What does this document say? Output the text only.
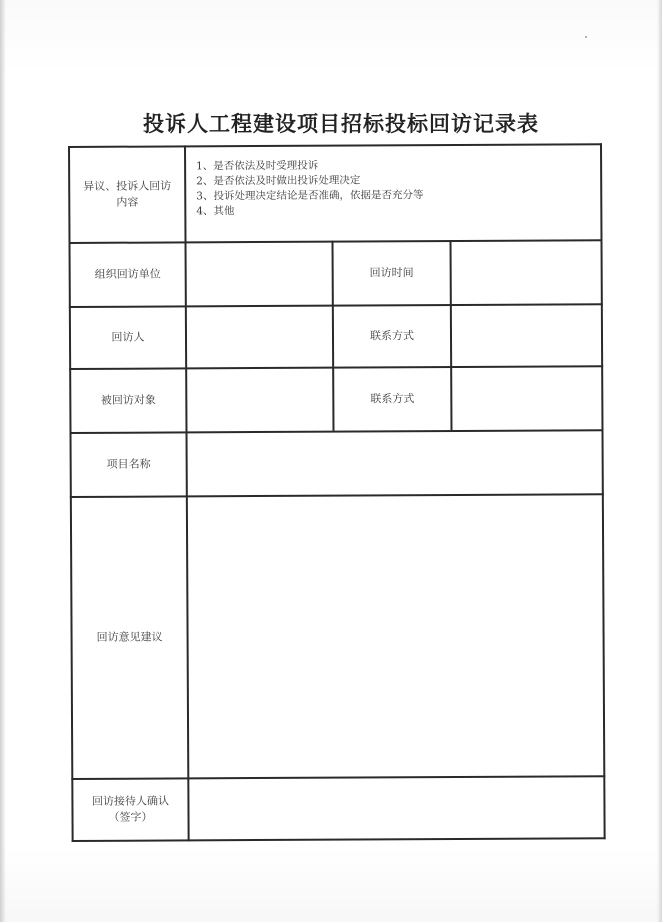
投诉人工程建设项目招标投标回访记录表
异议、投诉人回访
内容
1、是否依法及时受理投诉
2、是否依法及时做出投诉处理决定
3、投诉处理决定结论是否准确，依据是否充分等
4、其他
组织回访单位	回访时间
回访人	联系方式
被回访对象	联系方式
项目名称
回访意见建议
回访接待人确认
（签字）
